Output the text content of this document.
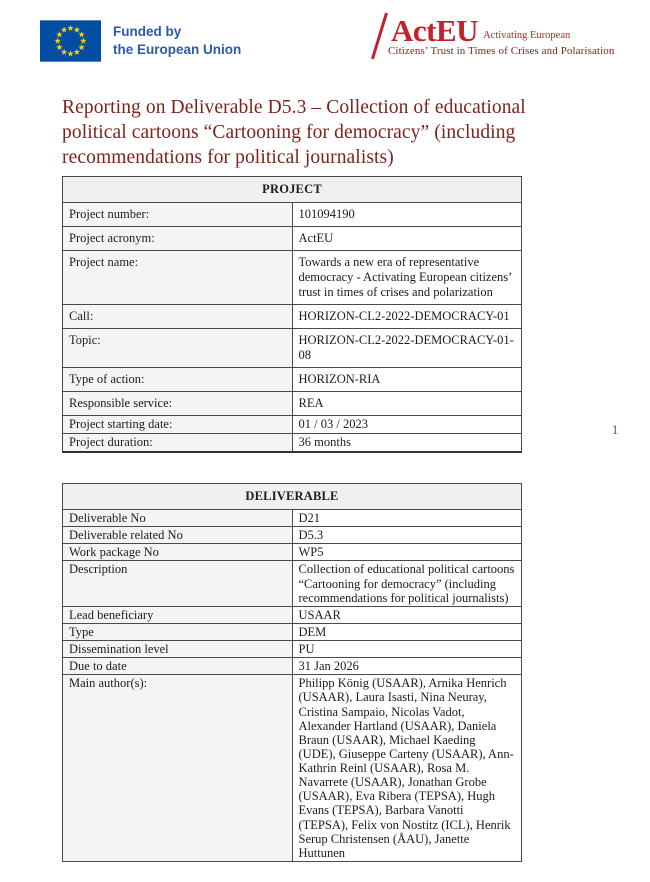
Funded by
the European Union
ActEU Activating European
Citizens’ Trust in Times of Crises and Polarisation
Reporting on Deliverable D5.3 – Collection of educational political cartoons “Cartooning for democracy” (including recommendations for political journalists)
PROJECT	
Project number:	101094190
Project acronym:	ActEU
Project name:	Towards a new era of representative democracy - Activating European citizens’ trust in times of crises and polarization
Call:	HORIZON-CL2-2022-DEMOCRACY-01
Topic:	HORIZON-CL2-2022-DEMOCRACY-01-08
Type of action:	HORIZON-RIA
Responsible service:	REA
Project starting date:	01 / 03 / 2023
Project duration:	36 months
1
DELIVERABLE	
Deliverable No	D21
Deliverable related No	D5.3
Work package No	WP5
Description	Collection of educational political cartoons “Cartooning for democracy” (including recommendations for political journalists)
Lead beneficiary	USAAR
Type	DEM
Dissemination level	PU
Due to date	31 Jan 2026
Main author(s):	Philipp König (USAAR), Arnika Henrich (USAAR), Laura Isasti, Nina Neuray, Cristina Sampaio, Nicolas Vadot, Alexander Hartland (USAAR), Daniela Braun (USAAR), Michael Kaeding (UDE), Giuseppe Carteny (USAAR), Ann-Kathrin Reinl (USAAR), Rosa M. Navarrete (USAAR), Jonathan Grobe (USAAR), Eva Ribera (TEPSA), Hugh Evans (TEPSA), Barbara Vanotti (TEPSA), Felix von Nostitz (ICL), Henrik Serup Christensen (ÅAU), Janette Huttunen
